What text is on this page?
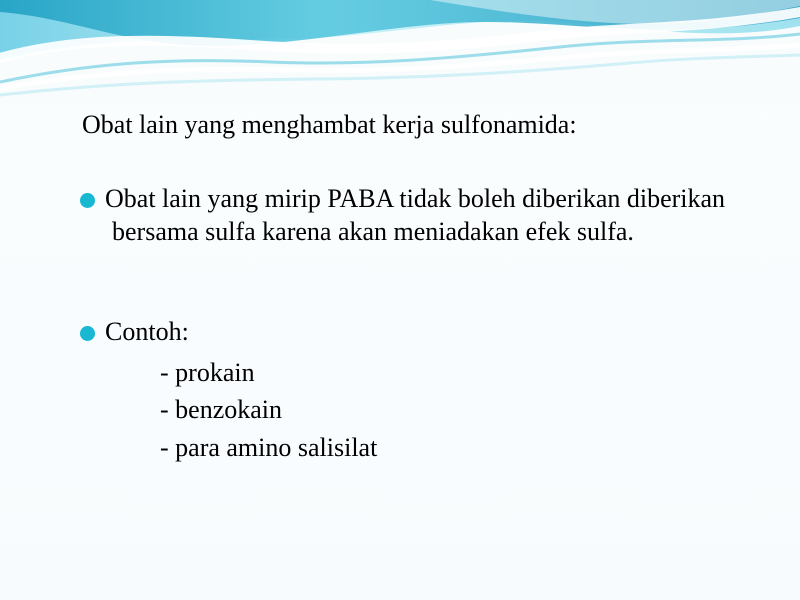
Obat lain yang menghambat kerja sulfonamida:
Obat lain yang mirip PABA tidak boleh diberikan diberikan bersama sulfa karena akan meniadakan efek sulfa.
Contoh:

- prokain

- benzokain

- para amino salisilat
